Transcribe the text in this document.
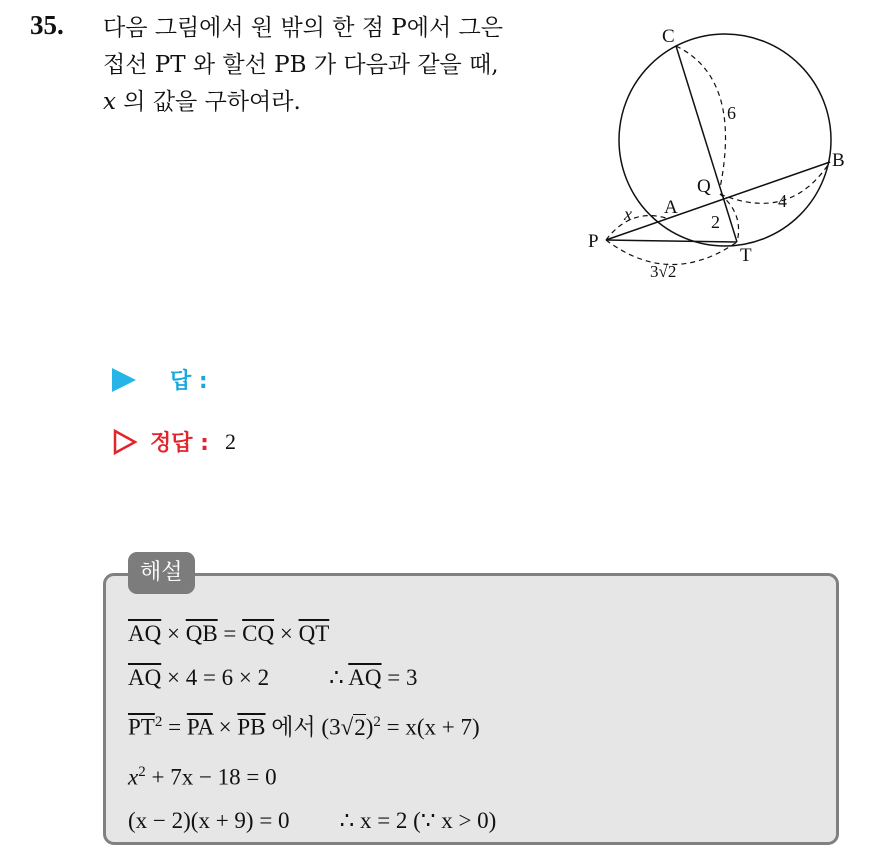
35. 다음 그림에서 원 밖의 한 점 P에서 그은
접선 PT 와 할선 PB 가 다음과 같을 때,
x 의 값을 구하여라.
C
B
Q
A
P
T
6
4
2
x
3√2
답 :
정답 : 2
해설
$\overline{AQ} \times \overline{QB} = \overline{CQ} \times \overline{QT}$
$\overline{AQ} \times 4 = 6 \times 2$	∴ $\overline{AQ} = 3$
$\overline{PT}^2 = \overline{PA} \times \overline{PB}$ 에서 $(3√2)^2 = x(x + 7)$
$x^2 + 7x - 18 = 0$
(x − 2)(x + 9) = 0 ∴ x = 2 (∵ x > 0)
